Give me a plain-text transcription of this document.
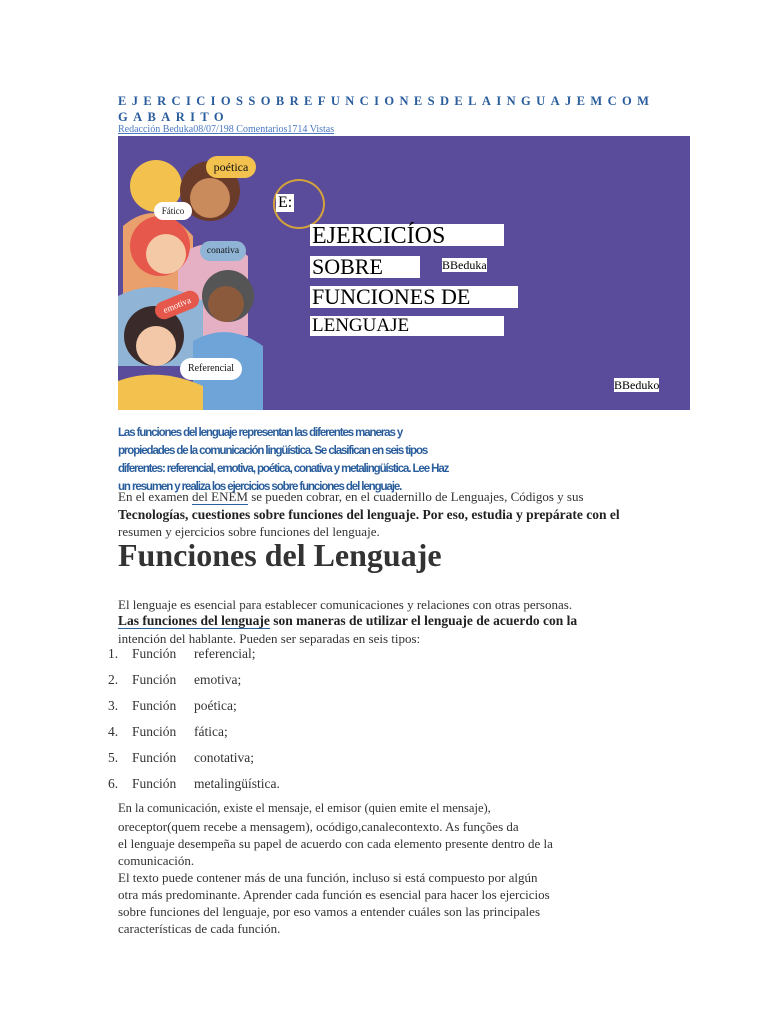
EJERCICIOSSOBREFUNCIONESDELAINGUAJEMCOM GABARITO
Redacción Beduka08/07/198 Comentarios1714 Vistas
poética
Fático
conativa
emotiva
Referencial
E:
EJERCICÍOS
SOBRE	BBeduka
FUNCIONES DE
LENGUAJE
BBeduko
Las funciones del lenguaje representan las diferentes maneras y propiedades de la comunicación lingüística. Se clasifican en seis tipos diferentes: referencial, emotiva, poética, conativa y metalingüística. Lee Haz un resumen y realiza los ejercicios sobre funciones del lenguaje.
En el examen del ENEM se pueden cobrar, en el cuadernillo de Lenguajes, Códigos y sus
Tecnologías, cuestiones sobre funciones del lenguaje. Por eso, estudia y prepárate con el
resumen y ejercicios sobre funciones del lenguaje.
Funciones del Lenguaje
El lenguaje es esencial para establecer comunicaciones y relaciones con otras personas.
Las funciones del lenguaje son maneras de utilizar el lenguaje de acuerdo con la
intención del hablante. Pueden ser separadas en seis tipos:
1.	Función	referencial;
2.	Función	emotiva;
3.	Función	poética;
4.	Función	fática;
5.	Función	conotativa;
6.	Función	metalingüística.
En la comunicación, existe el mensaje, el emisor (quien emite el mensaje),
oreceptor(quem recebe a mensagem), ocódigo,canalecontexto. As funções da
el lenguaje desempeña su papel de acuerdo con cada elemento presente dentro de la
comunicación.
El texto puede contener más de una función, incluso si está compuesto por algún
otra más predominante. Aprender cada función es esencial para hacer los ejercicios
sobre funciones del lenguaje, por eso vamos a entender cuáles son las principales
características de cada función.
